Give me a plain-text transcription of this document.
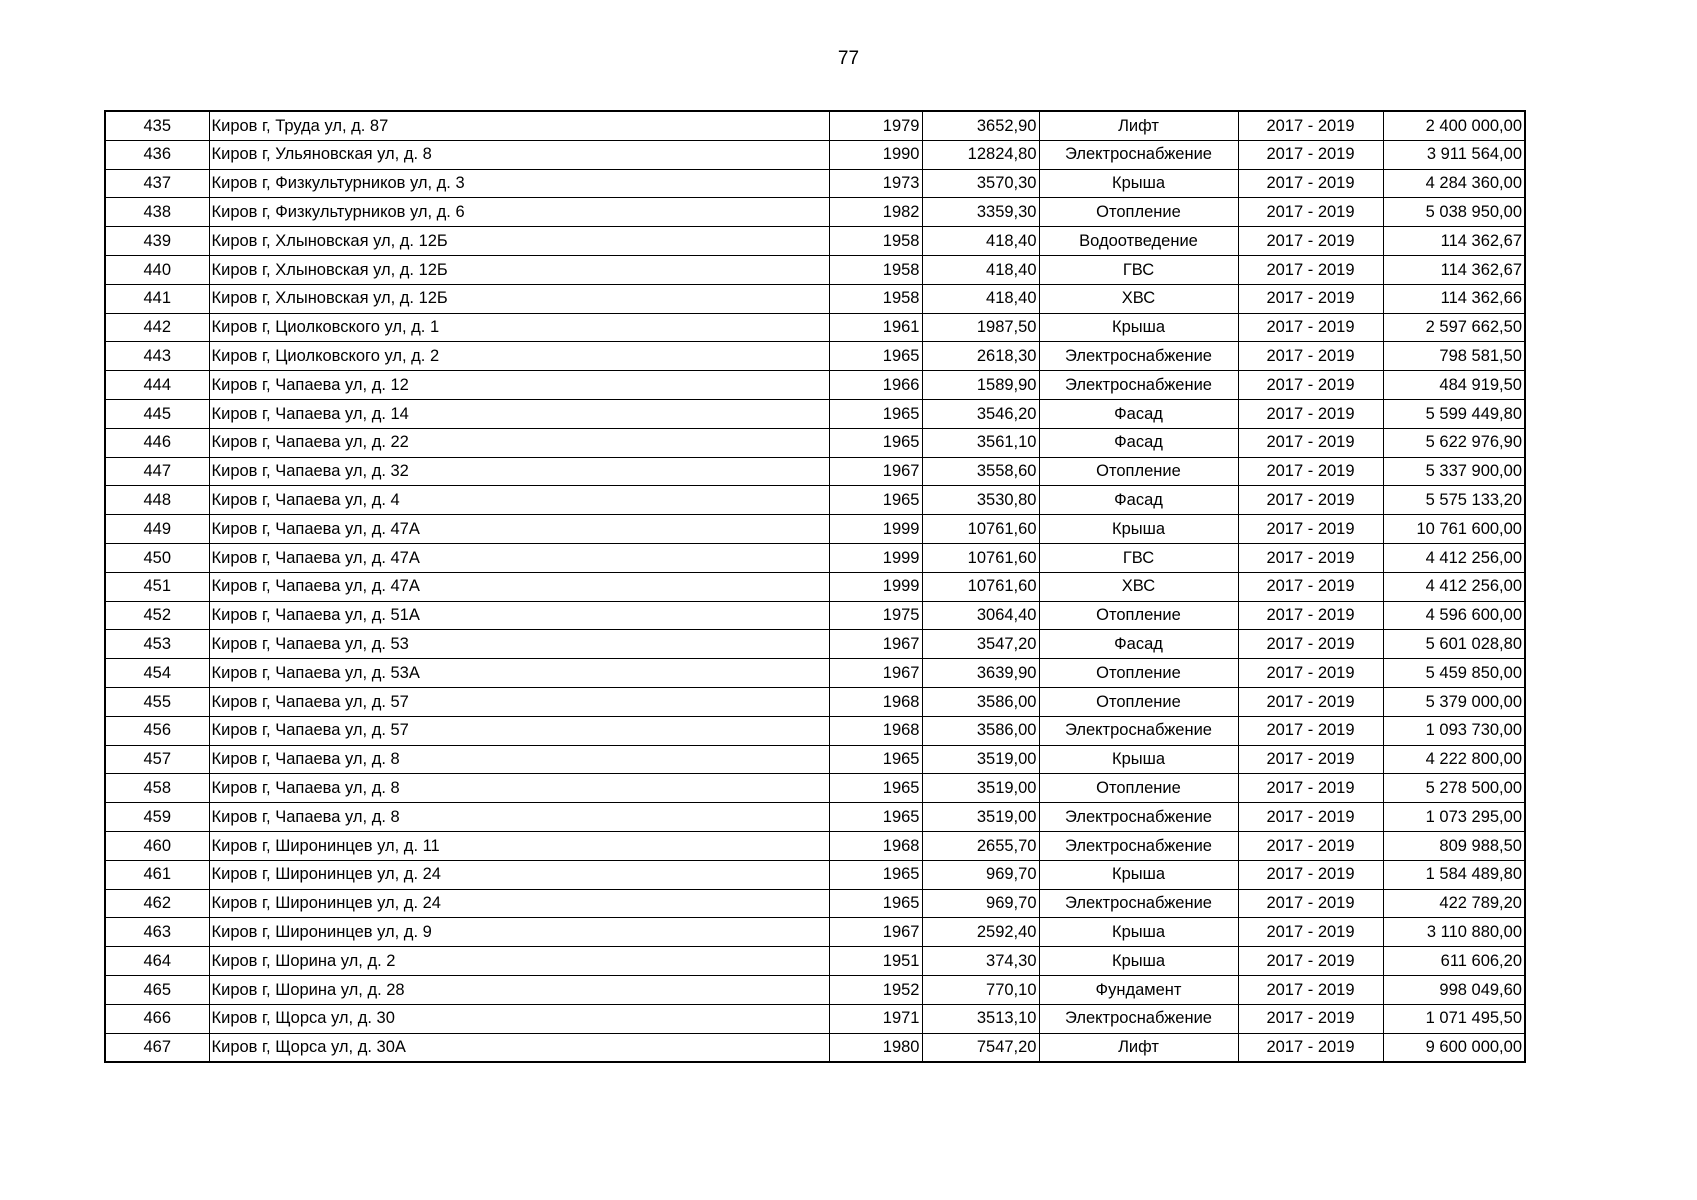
77
435	Киров г, Труда ул, д. 87	1979	3652,90	Лифт	2017 - 2019	2 400 000,00
436	Киров г, Ульяновская ул, д. 8	1990	12824,80	Электроснабжение	2017 - 2019	3 911 564,00
437	Киров г, Физкультурников ул, д. 3	1973	3570,30	Крыша	2017 - 2019	4 284 360,00
438	Киров г, Физкультурников ул, д. 6	1982	3359,30	Отопление	2017 - 2019	5 038 950,00
439	Киров г, Хлыновская ул, д. 12Б	1958	418,40	Водоотведение	2017 - 2019	114 362,67
440	Киров г, Хлыновская ул, д. 12Б	1958	418,40	ГВС	2017 - 2019	114 362,67
441	Киров г, Хлыновская ул, д. 12Б	1958	418,40	ХВС	2017 - 2019	114 362,66
442	Киров г, Циолковского ул, д. 1	1961	1987,50	Крыша	2017 - 2019	2 597 662,50
443	Киров г, Циолковского ул, д. 2	1965	2618,30	Электроснабжение	2017 - 2019	798 581,50
444	Киров г, Чапаева ул, д. 12	1966	1589,90	Электроснабжение	2017 - 2019	484 919,50
445	Киров г, Чапаева ул, д. 14	1965	3546,20	Фасад	2017 - 2019	5 599 449,80
446	Киров г, Чапаева ул, д. 22	1965	3561,10	Фасад	2017 - 2019	5 622 976,90
447	Киров г, Чапаева ул, д. 32	1967	3558,60	Отопление	2017 - 2019	5 337 900,00
448	Киров г, Чапаева ул, д. 4	1965	3530,80	Фасад	2017 - 2019	5 575 133,20
449	Киров г, Чапаева ул, д. 47А	1999	10761,60	Крыша	2017 - 2019	10 761 600,00
450	Киров г, Чапаева ул, д. 47А	1999	10761,60	ГВС	2017 - 2019	4 412 256,00
451	Киров г, Чапаева ул, д. 47А	1999	10761,60	ХВС	2017 - 2019	4 412 256,00
452	Киров г, Чапаева ул, д. 51А	1975	3064,40	Отопление	2017 - 2019	4 596 600,00
453	Киров г, Чапаева ул, д. 53	1967	3547,20	Фасад	2017 - 2019	5 601 028,80
454	Киров г, Чапаева ул, д. 53А	1967	3639,90	Отопление	2017 - 2019	5 459 850,00
455	Киров г, Чапаева ул, д. 57	1968	3586,00	Отопление	2017 - 2019	5 379 000,00
456	Киров г, Чапаева ул, д. 57	1968	3586,00	Электроснабжение	2017 - 2019	1 093 730,00
457	Киров г, Чапаева ул, д. 8	1965	3519,00	Крыша	2017 - 2019	4 222 800,00
458	Киров г, Чапаева ул, д. 8	1965	3519,00	Отопление	2017 - 2019	5 278 500,00
459	Киров г, Чапаева ул, д. 8	1965	3519,00	Электроснабжение	2017 - 2019	1 073 295,00
460	Киров г, Широнинцев ул, д. 11	1968	2655,70	Электроснабжение	2017 - 2019	809 988,50
461	Киров г, Широнинцев ул, д. 24	1965	969,70	Крыша	2017 - 2019	1 584 489,80
462	Киров г, Широнинцев ул, д. 24	1965	969,70	Электроснабжение	2017 - 2019	422 789,20
463	Киров г, Широнинцев ул, д. 9	1967	2592,40	Крыша	2017 - 2019	3 110 880,00
464	Киров г, Шорина ул, д. 2	1951	374,30	Крыша	2017 - 2019	611 606,20
465	Киров г, Шорина ул, д. 28	1952	770,10	Фундамент	2017 - 2019	998 049,60
466	Киров г, Щорса ул, д. 30	1971	3513,10	Электроснабжение	2017 - 2019	1 071 495,50
467	Киров г, Щорса ул, д. 30А	1980	7547,20	Лифт	2017 - 2019	9 600 000,00
